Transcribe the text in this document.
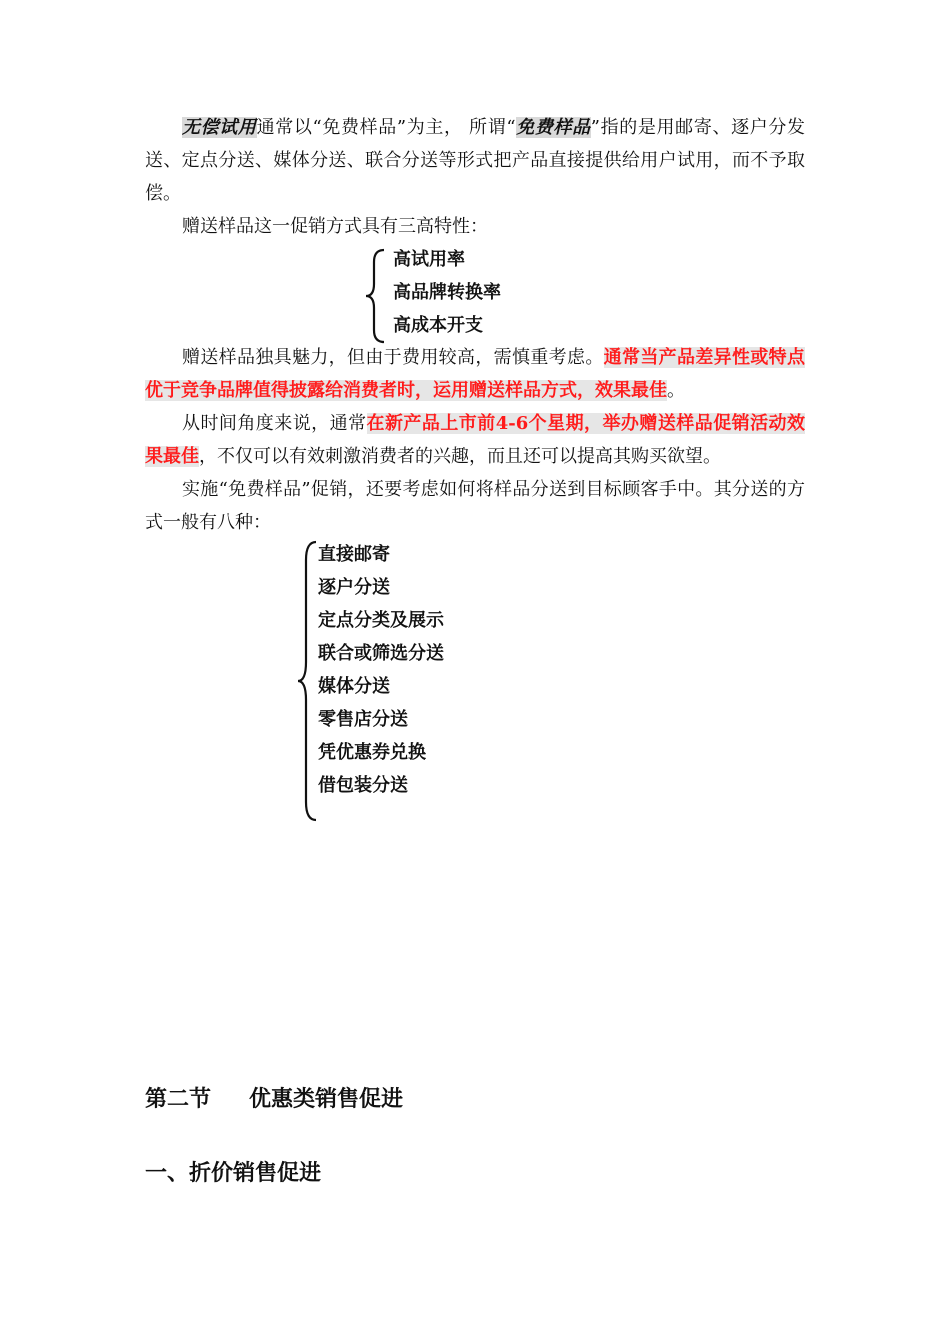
无偿试用通常以“免费样品”为主， 所谓“免费样品”指的是用邮寄、逐户分发送、定点分送、媒体分送、联合分送等形式把产品直接提供给用户试用，而不予取偿。

赠送样品这一促销方式具有三高特性：

高试用率
高品牌转换率
高成本开支

赠送样品独具魅力，但由于费用较高，需慎重考虑。通常当产品差异性或特点优于竞争品牌值得披露给消费者时，运用赠送样品方式，效果最佳。

从时间角度来说，通常在新产品上市前4-6个星期，举办赠送样品促销活动效果最佳，不仅可以有效刺激消费者的兴趣，而且还可以提高其购买欲望。

实施“免费样品”促销，还要考虑如何将样品分送到目标顾客手中。其分送的方式一般有八种：

直接邮寄
逐户分送
定点分类及展示
联合或筛选分送
媒体分送
零售店分送
凭优惠券兑换
借包装分送
第二节 优惠类销售促进
一、折价销售促进
